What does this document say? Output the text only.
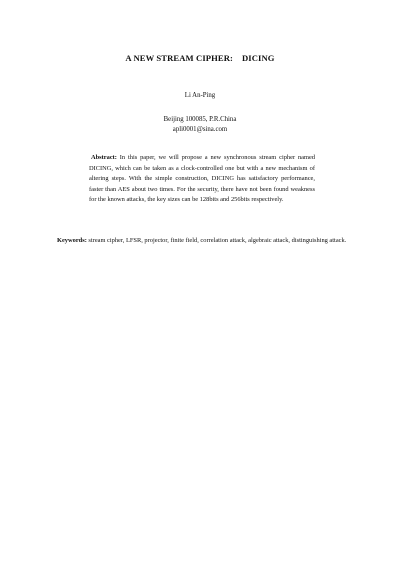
A NEW STREAM CIPHER:    DICING
Li An-Ping
Beijing 100085, P.R.China
apli0001@sina.com
Abstract: In this paper, we will propose a new synchronous stream cipher named DICING, which can be taken as a clock-controlled one but with a new mechanism of altering steps. With the simple construction, DICING has satisfactory performance, faster than AES about two times. For the security, there have not been found weakness for the known attacks, the key sizes can be 128bits and 256bits respectively.
Keywords: stream cipher, LFSR, projector, finite field, correlation attack, algebraic attack, distinguishing attack.
